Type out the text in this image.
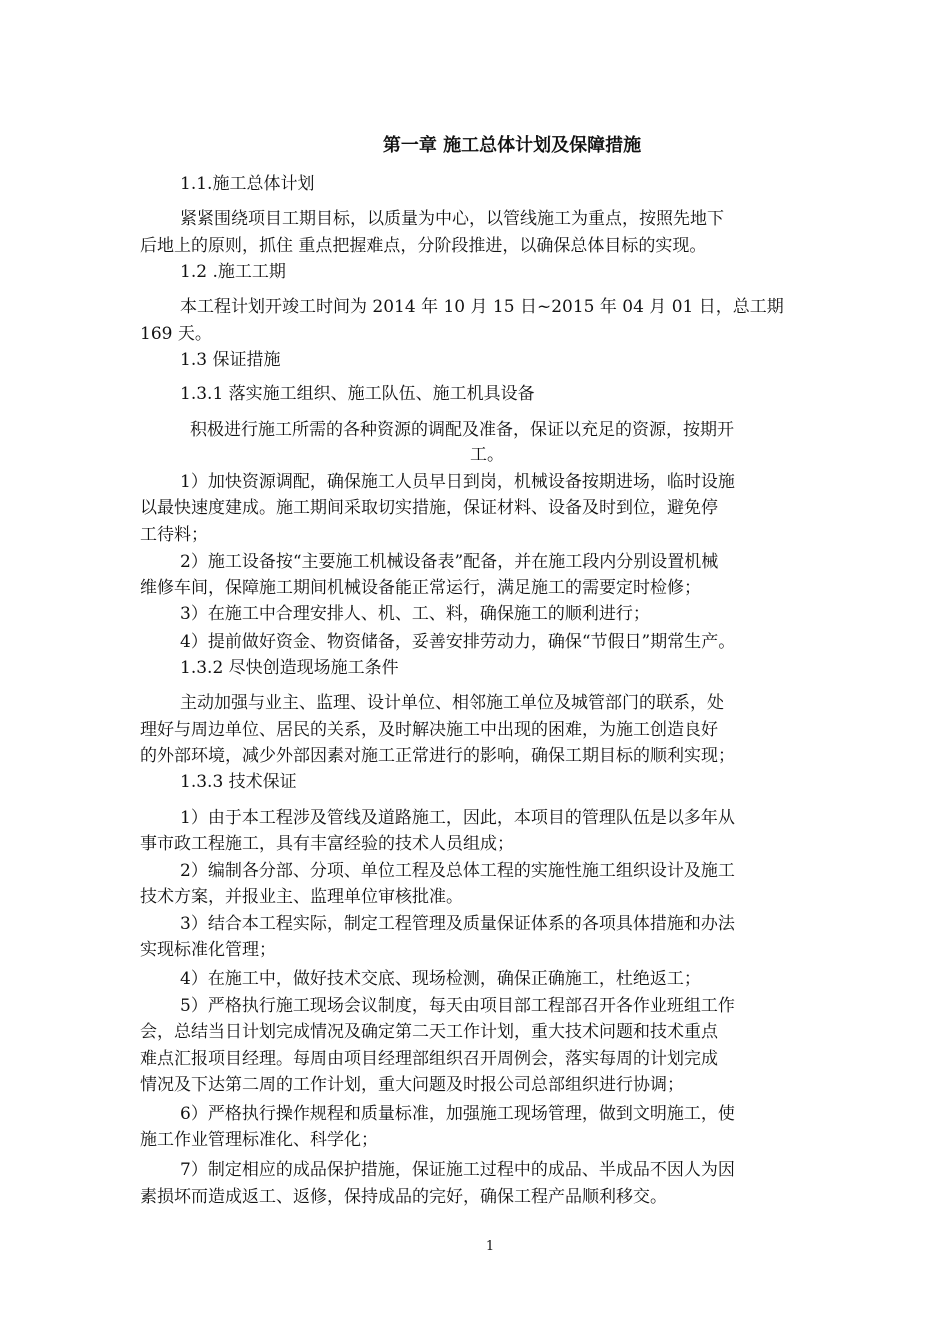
第一章 施工总体计划及保障措施
1.1.施工总体计划
紧紧围绕项目工期目标，以质量为中心，以管线施工为重点，按照先地下
后地上的原则，抓住 重点把握难点，分阶段推进，以确保总体目标的实现。
1.2 .施工工期
本工程计划开竣工时间为 2014 年 10 月 15 日~2015 年 04 月 01 日，总工期
169 天。
1.3 保证措施
1.3.1 落实施工组织、施工队伍、施工机具设备
积极进行施工所需的各种资源的调配及准备，保证以充足的资源，按期开
工。
1）加快资源调配，确保施工人员早日到岗，机械设备按期进场，临时设施
以最快速度建成。施工期间采取切实措施，保证材料、设备及时到位，避免停
工待料；
2）施工设备按“主要施工机械设备表”配备，并在施工段内分别设置机械
维修车间，保障施工期间机械设备能正常运行，满足施工的需要定时检修；
3）在施工中合理安排人、机、工、料，确保施工的顺利进行；
4）提前做好资金、物资储备，妥善安排劳动力，确保“节假日”期常生产。
1.3.2 尽快创造现场施工条件
主动加强与业主、监理、设计单位、相邻施工单位及城管部门的联系，处
理好与周边单位、居民的关系，及时解决施工中出现的困难，为施工创造良好
的外部环境，减少外部因素对施工正常进行的影响，确保工期目标的顺利实现；
1.3.3 技术保证
1）由于本工程涉及管线及道路施工，因此，本项目的管理队伍是以多年从
事市政工程施工，具有丰富经验的技术人员组成；
2）编制各分部、分项、单位工程及总体工程的实施性施工组织设计及施工
技术方案，并报业主、监理单位审核批准。
3）结合本工程实际，制定工程管理及质量保证体系的各项具体措施和办法
实现标准化管理；
4）在施工中，做好技术交底、现场检测，确保正确施工，杜绝返工；
5）严格执行施工现场会议制度，每天由项目部工程部召开各作业班组工作
会，总结当日计划完成情况及确定第二天工作计划，重大技术问题和技术重点
难点汇报项目经理。每周由项目经理部组织召开周例会，落实每周的计划完成
情况及下达第二周的工作计划，重大问题及时报公司总部组织进行协调；
6）严格执行操作规程和质量标准，加强施工现场管理，做到文明施工，使
施工作业管理标准化、科学化；
7）制定相应的成品保护措施，保证施工过程中的成品、半成品不因人为因
素损坏而造成返工、返修，保持成品的完好，确保工程产品顺利移交。
1
